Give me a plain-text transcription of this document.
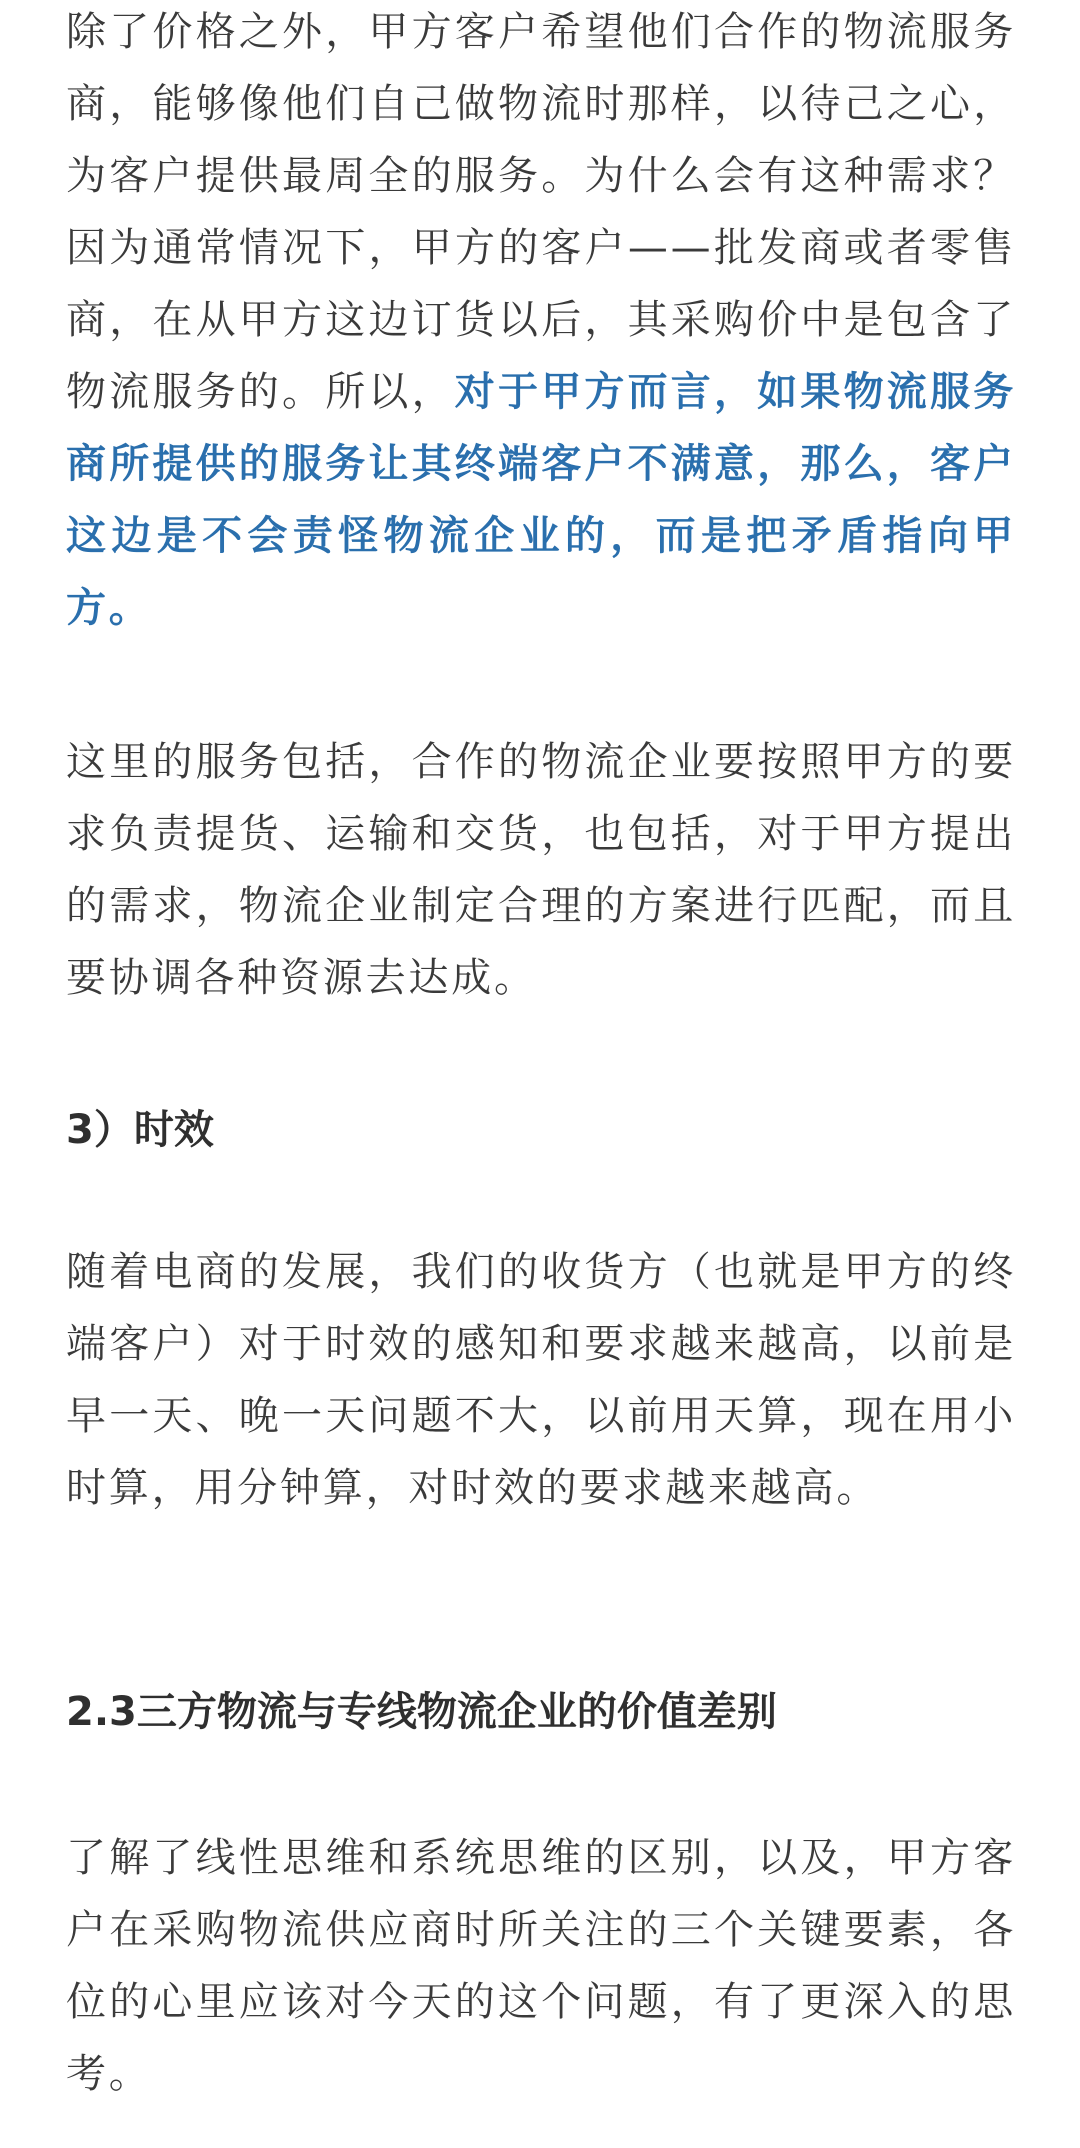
除了价格之外，甲方客户希望他们合作的物流服务商，能够像他们自己做物流时那样，以待己之心，为客户提供最周全的服务。为什么会有这种需求？因为通常情况下，甲方的客户——批发商或者零售商，在从甲方这边订货以后，其采购价中是包含了物流服务的。所以，对于甲方而言，如果物流服务商所提供的服务让其终端客户不满意，那么，客户这边是不会责怪物流企业的，而是把矛盾指向甲方。

这里的服务包括，合作的物流企业要按照甲方的要求负责提货、运输和交货，也包括，对于甲方提出的需求，物流企业制定合理的方案进行匹配，而且要协调各种资源去达成。

3）时效

随着电商的发展，我们的收货方（也就是甲方的终端客户）对于时效的感知和要求越来越高，以前是早一天、晚一天问题不大，以前用天算，现在用小时算，用分钟算，对时效的要求越来越高。

2.3三方物流与专线物流企业的价值差别

了解了线性思维和系统思维的区别，以及，甲方客户在采购物流供应商时所关注的三个关键要素，各位的心里应该对今天的这个问题，有了更深入的思考。
